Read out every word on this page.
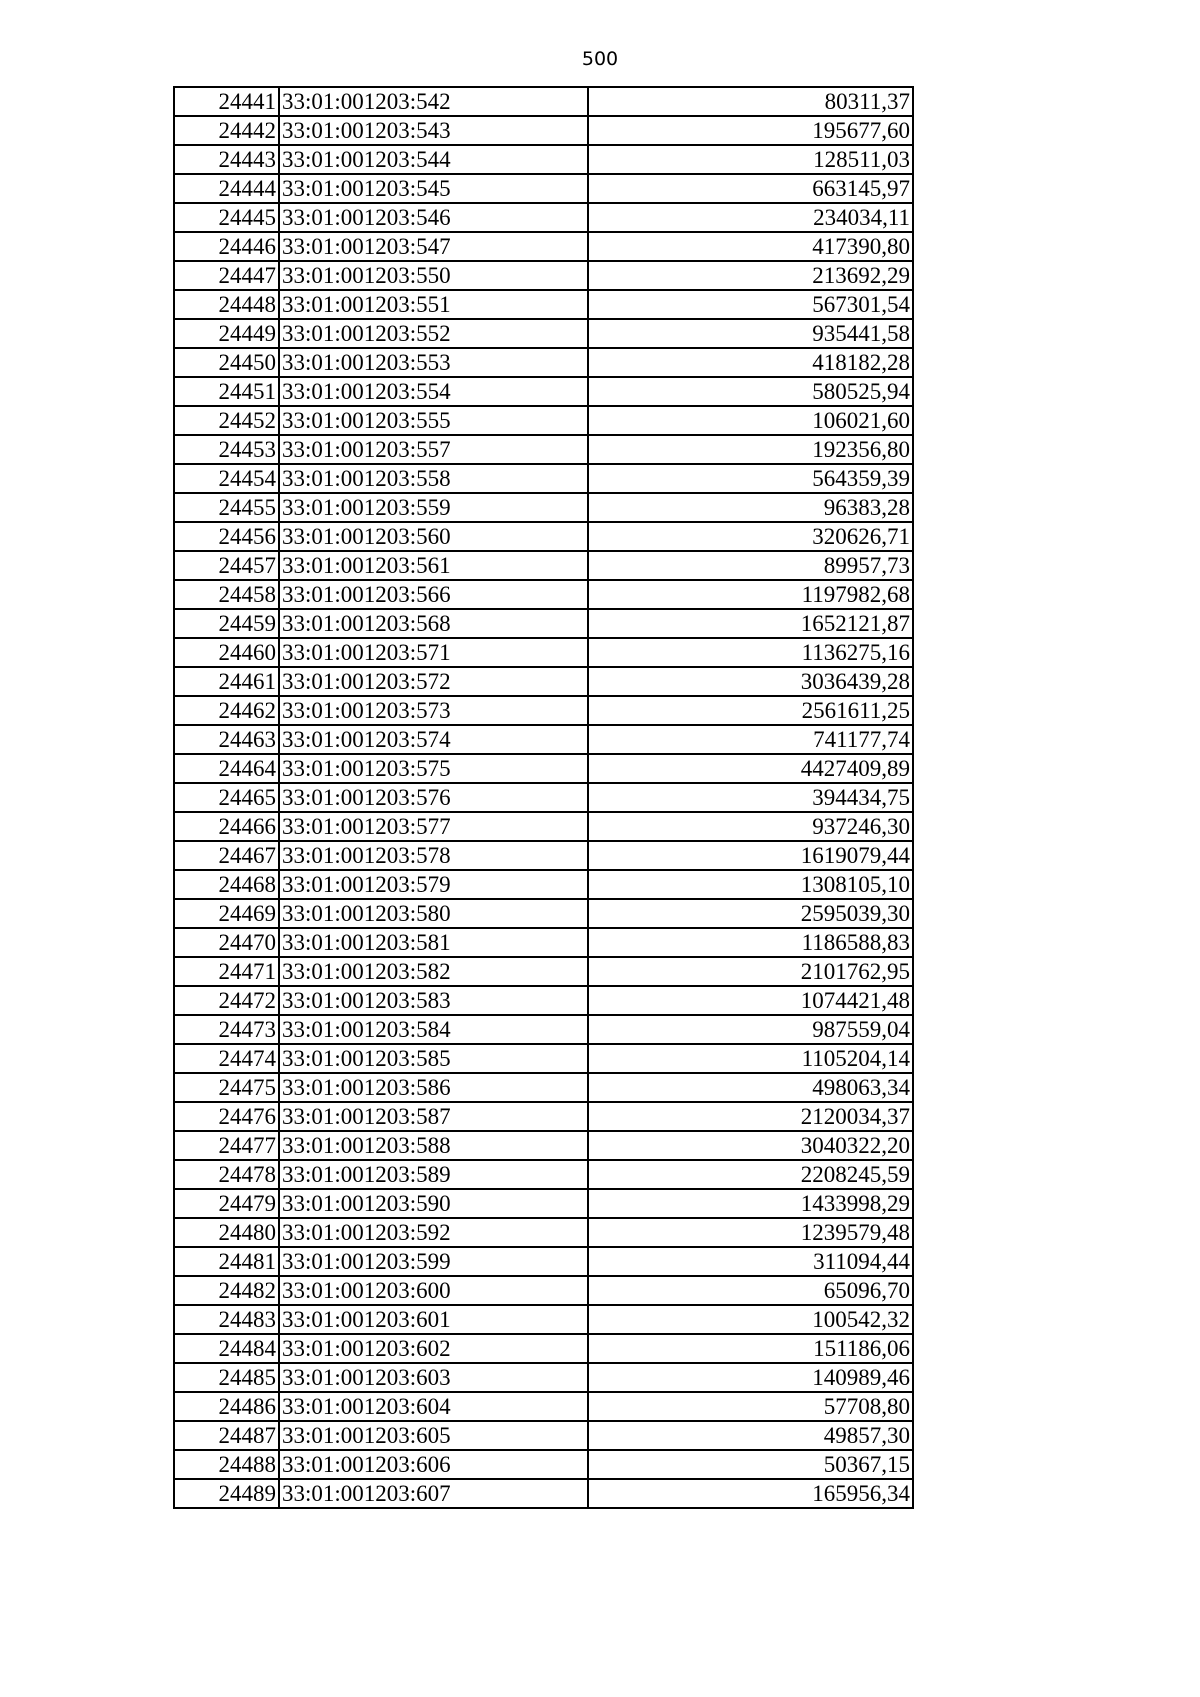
500
24441	33:01:001203:542	80311,37
24442	33:01:001203:543	195677,60
24443	33:01:001203:544	128511,03
24444	33:01:001203:545	663145,97
24445	33:01:001203:546	234034,11
24446	33:01:001203:547	417390,80
24447	33:01:001203:550	213692,29
24448	33:01:001203:551	567301,54
24449	33:01:001203:552	935441,58
24450	33:01:001203:553	418182,28
24451	33:01:001203:554	580525,94
24452	33:01:001203:555	106021,60
24453	33:01:001203:557	192356,80
24454	33:01:001203:558	564359,39
24455	33:01:001203:559	96383,28
24456	33:01:001203:560	320626,71
24457	33:01:001203:561	89957,73
24458	33:01:001203:566	1197982,68
24459	33:01:001203:568	1652121,87
24460	33:01:001203:571	1136275,16
24461	33:01:001203:572	3036439,28
24462	33:01:001203:573	2561611,25
24463	33:01:001203:574	741177,74
24464	33:01:001203:575	4427409,89
24465	33:01:001203:576	394434,75
24466	33:01:001203:577	937246,30
24467	33:01:001203:578	1619079,44
24468	33:01:001203:579	1308105,10
24469	33:01:001203:580	2595039,30
24470	33:01:001203:581	1186588,83
24471	33:01:001203:582	2101762,95
24472	33:01:001203:583	1074421,48
24473	33:01:001203:584	987559,04
24474	33:01:001203:585	1105204,14
24475	33:01:001203:586	498063,34
24476	33:01:001203:587	2120034,37
24477	33:01:001203:588	3040322,20
24478	33:01:001203:589	2208245,59
24479	33:01:001203:590	1433998,29
24480	33:01:001203:592	1239579,48
24481	33:01:001203:599	311094,44
24482	33:01:001203:600	65096,70
24483	33:01:001203:601	100542,32
24484	33:01:001203:602	151186,06
24485	33:01:001203:603	140989,46
24486	33:01:001203:604	57708,80
24487	33:01:001203:605	49857,30
24488	33:01:001203:606	50367,15
24489	33:01:001203:607	165956,34
